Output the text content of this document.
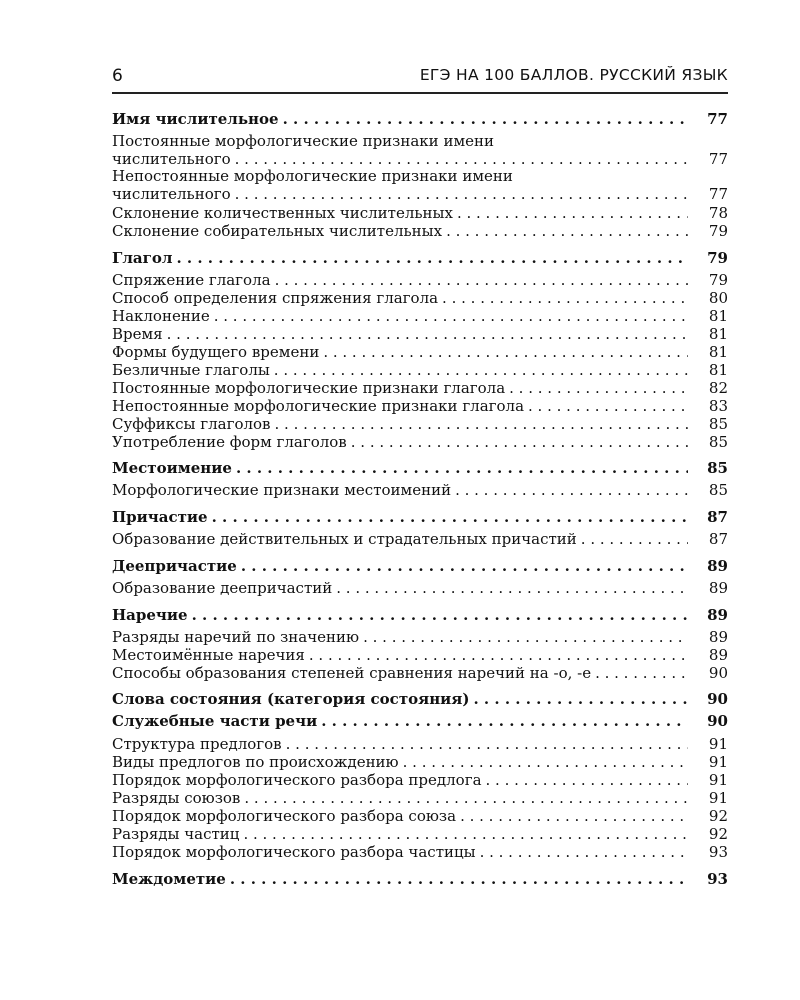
6	ЕГЭ НА 100 БАЛЛОВ. РУССКИЙ ЯЗЫК
Имя числительное . . .	77
Постоянные морфологические признаки имени
числительного . . .	77
Непостоянные морфологические признаки имени
числительного . . .	77
Склонение количественных числительных . . .	78
Склонение собирательных числительных . . .	79
Глагол . . .	79
Спряжение глагола . . .	79
Способ определения спряжения глагола . . .	80
Наклонение . . .	81
Время . . .	81
Формы будущего времени . . .	81
Безличные глаголы . . .	81
Постоянные морфологические признаки глагола . . .	82
Непостоянные морфологические признаки глагола . . .	83
Суффиксы глаголов . . .	85
Употребление форм глаголов . . .	85
Местоимение . . .	85
Морфологические признаки местоимений . . .	85
Причастие . . .	87
Образование действительных и страдательных причастий . . .	87
Деепричастие . . .	89
Образование деепричастий . . .	89
Наречие . . .	89
Разряды наречий по значению . . .	89
Местоимённые наречия . . .	89
Способы образования степеней сравнения наречий на -о, -е . . .	90
Слова состояния (категория состояния) . . .	90
Служебные части речи . . .	90
Структура предлогов . . .	91
Виды предлогов по происхождению . . .	91
Порядок морфологического разбора предлога . . .	91
Разряды союзов . . .	91
Порядок морфологического разбора союза . . .	92
Разряды частиц . . .	92
Порядок морфологического разбора частицы . . .	93
Междометие . . .	93
